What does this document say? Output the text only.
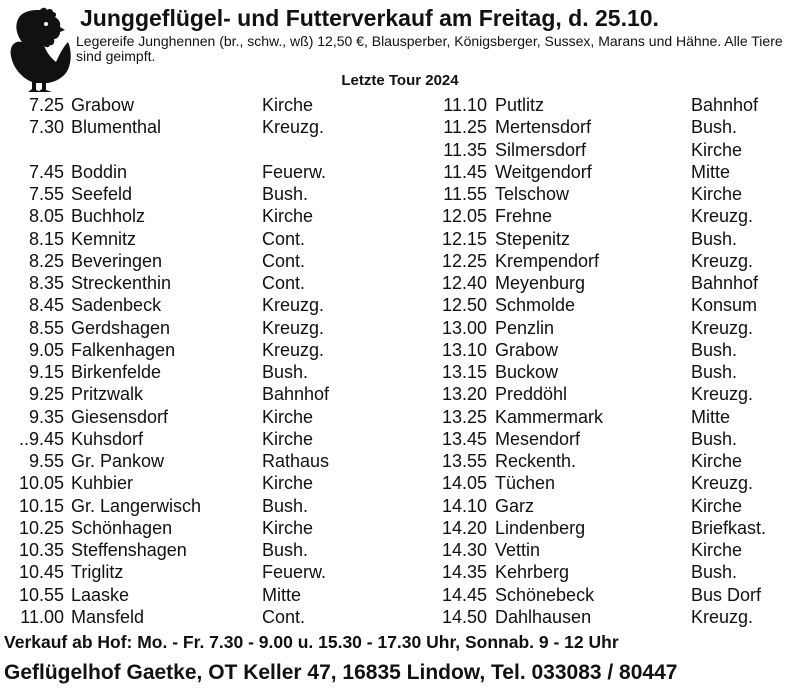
Junggeflügel- und Futterverkauf am Freitag, d. 25.10.
Legereife Junghennen (br., schw., wß) 12,50 €, Blausperber, Königsberger, Sussex, Marans und Hähne. Alle Tiere sind geimpft.
Letzte Tour 2024
7.25 Grabow	Kirche
7.30 Blumenthal	Kreuzg.
7.45 Boddin	Feuerw.
7.55 Seefeld	Bush.
8.05 Buchholz	Kirche
8.15 Kemnitz	Cont.
8.25 Beveringen	Cont.
8.35 Streckenthin	Cont.
8.45 Sadenbeck	Kreuzg.
8.55 Gerdshagen	Kreuzg.
9.05 Falkenhagen	Kreuzg.
9.15 Birkenfelde	Bush.
9.25 Pritzwalk	Bahnhof
9.35 Giesensdorf	Kirche
..9.45 Kuhsdorf	Kirche
9.55 Gr. Pankow	Rathaus
10.05 Kuhbier	Kirche
10.15 Gr. Langerwisch	Bush.
10.25 Schönhagen	Kirche
10.35 Steffenshagen	Bush.
10.45 Triglitz	Feuerw.
10.55 Laaske	Mitte
11.00 Mansfeld	Cont.
11.10 Putlitz	Bahnhof
11.25 Mertensdorf	Bush.
11.35 Silmersdorf	Kirche
11.45 Weitgendorf	Mitte
11.55 Telschow	Kirche
12.05 Frehne	Kreuzg.
12.15 Stepenitz	Bush.
12.25 Krempendorf	Kreuzg.
12.40 Meyenburg	Bahnhof
12.50 Schmolde	Konsum
13.00 Penzlin	Kreuzg.
13.10 Grabow	Bush.
13.15 Buckow	Bush.
13.20 Preddöhl	Kreuzg.
13.25 Kammermark	Mitte
13.45 Mesendorf	Bush.
13.55 Reckenth.	Kirche
14.05 Tüchen	Kreuzg.
14.10 Garz	Kirche
14.20 Lindenberg	Briefkast.
14.30 Vettin	Kirche
14.35 Kehrberg	Bush.
14.45 Schönebeck	Bus Dorf
14.50 Dahlhausen	Kreuzg.
Verkauf ab Hof: Mo. - Fr. 7.30 - 9.00 u. 15.30 - 17.30 Uhr, Sonnab. 9 - 12 Uhr
Geflügelhof Gaetke, OT Keller 47, 16835 Lindow, Tel. 033083 / 80447
